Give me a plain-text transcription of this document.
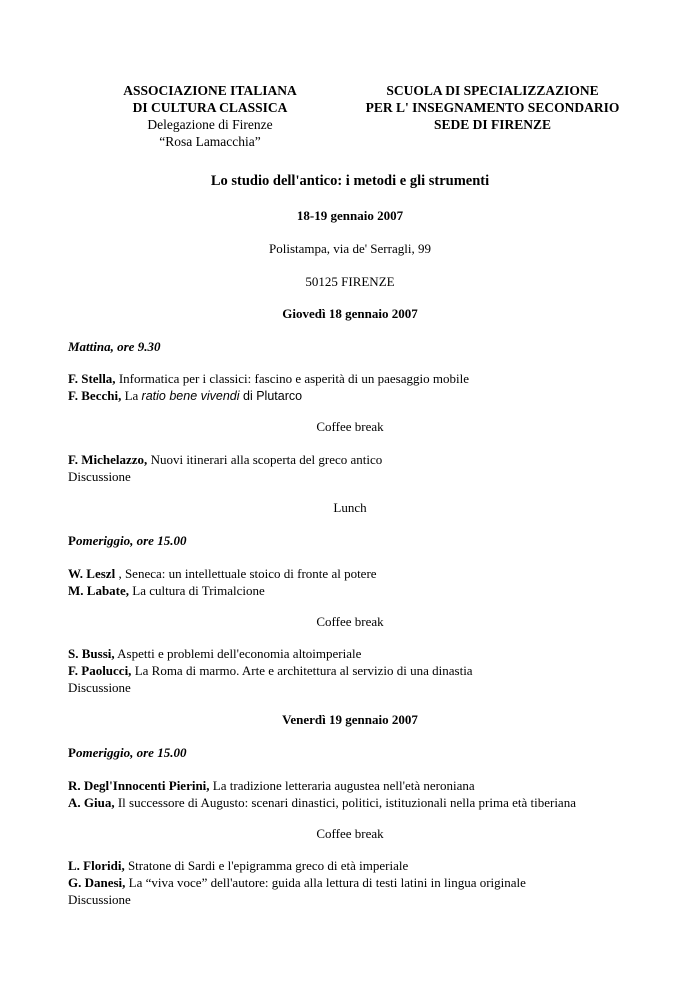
ASSOCIAZIONE ITALIANA
DI CULTURA CLASSICA
Delegazione di Firenze
“Rosa Lamacchia”
SCUOLA DI SPECIALIZZAZIONE
PER L' INSEGNAMENTO SECONDARIO
SEDE DI FIRENZE
Lo studio dell'antico: i metodi e gli strumenti
18-19 gennaio 2007
Polistampa, via de' Serragli, 99
50125 FIRENZE
Giovedì 18 gennaio 2007
Mattina, ore 9.30
F. Stella, Informatica per i classici: fascino e asperità di un paesaggio mobile
F. Becchi, La ratio bene vivendi di Plutarco
Coffee break
F. Michelazzo, Nuovi itinerari alla scoperta del greco antico
Discussione
Lunch
Pomeriggio, ore 15.00
W. Leszl , Seneca: un intellettuale stoico di fronte al potere
M. Labate, La cultura di Trimalcione
Coffee break
S. Bussi, Aspetti e problemi dell'economia altoimperiale
F. Paolucci, La Roma di marmo. Arte e architettura al servizio di una dinastia
Discussione
Venerdì 19 gennaio 2007
Pomeriggio, ore 15.00
R. Degl'Innocenti Pierini, La tradizione letteraria augustea nell'età neroniana
A. Giua, Il successore di Augusto: scenari dinastici, politici, istituzionali nella prima età tiberiana
Coffee break
L. Floridi, Stratone di Sardi e l'epigramma greco di età imperiale
G. Danesi, La “viva voce” dell'autore: guida alla lettura di testi latini in lingua originale
Discussione
